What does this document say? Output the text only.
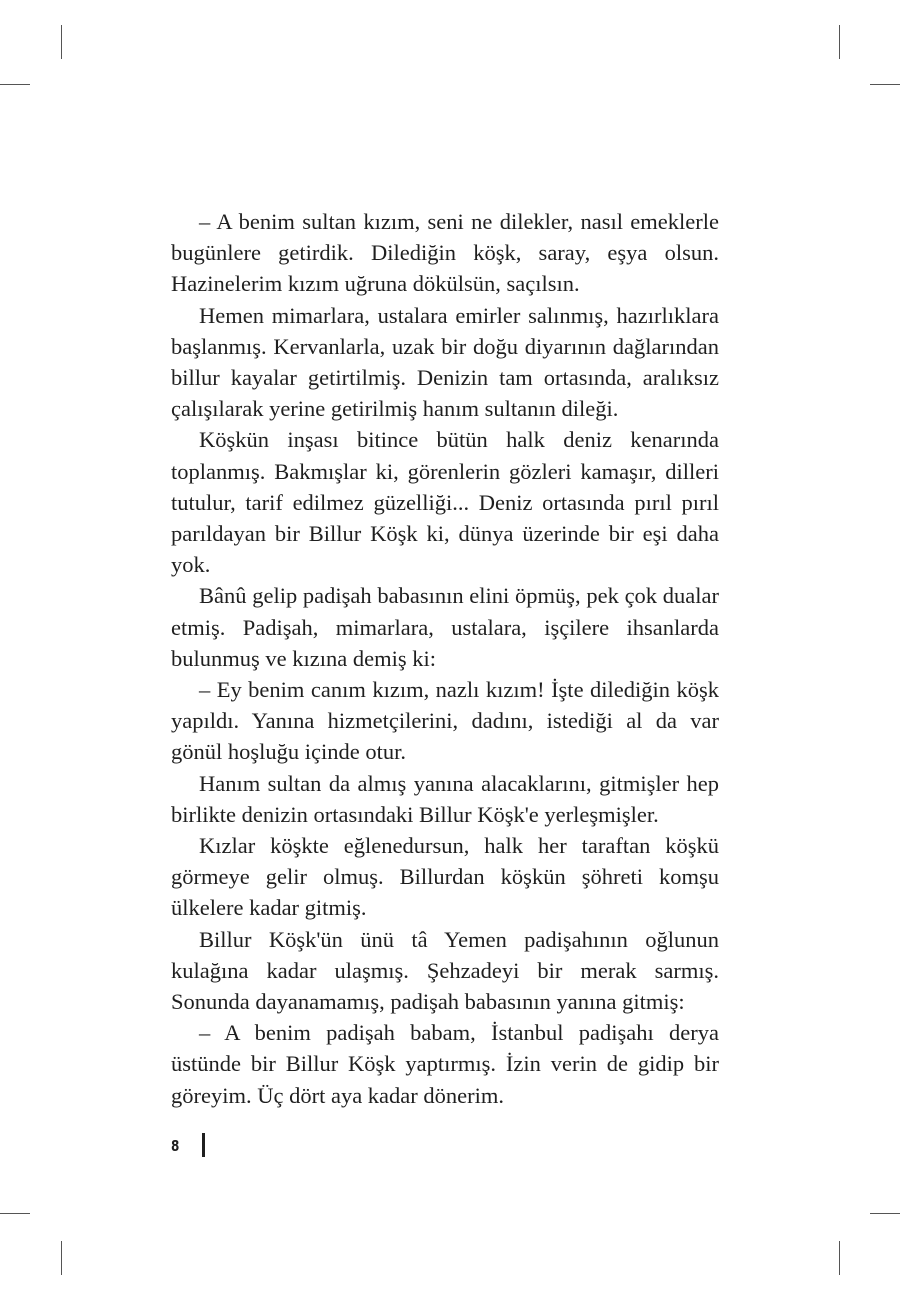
– A benim sultan kızım, seni ne dilekler, nasıl emeklerle bugünlere getirdik. Dilediğin köşk, saray, eşya olsun. Hazinelerim kızım uğruna dökülsün, saçılsın.

Hemen mimarlara, ustalara emirler salınmış, hazırlıklara başlanmış. Kervanlarla, uzak bir doğu diyarının dağlarından billur kayalar getirtilmiş. Denizin tam ortasında, aralıksız çalışılarak yerine getirilmiş hanım sultanın dileği.

Köşkün inşası bitince bütün halk deniz kenarında toplanmış. Bakmışlar ki, görenlerin gözleri kamaşır, dilleri tutulur, tarif edilmez güzelliği... Deniz ortasında pırıl pırıl parıldayan bir Billur Köşk ki, dünya üzerinde bir eşi daha yok.

Bânû gelip padişah babasının elini öpmüş, pek çok dualar etmiş. Padişah, mimarlara, ustalara, işçilere ihsanlarda bulunmuş ve kızına demiş ki:

– Ey benim canım kızım, nazlı kızım! İşte dilediğin köşk yapıldı. Yanına hizmetçilerini, dadını, istediği al da var gönül hoşluğu içinde otur.

Hanım sultan da almış yanına alacaklarını, gitmişler hep birlikte denizin ortasındaki Billur Köşk'e yerleşmişler.

Kızlar köşkte eğlenedursun, halk her taraftan köşkü görmeye gelir olmuş. Billurdan köşkün şöhreti komşu ülkelere kadar gitmiş.

Billur Köşk'ün ünü tâ Yemen padişahının oğlunun kulağına kadar ulaşmış. Şehzadeyi bir merak sarmış. Sonunda dayanamamış, padişah babasının yanına gitmiş:

– A benim padişah babam, İstanbul padişahı derya üstünde bir Billur Köşk yaptırmış. İzin verin de gidip bir göreyim. Üç dört aya kadar dönerim.

8
